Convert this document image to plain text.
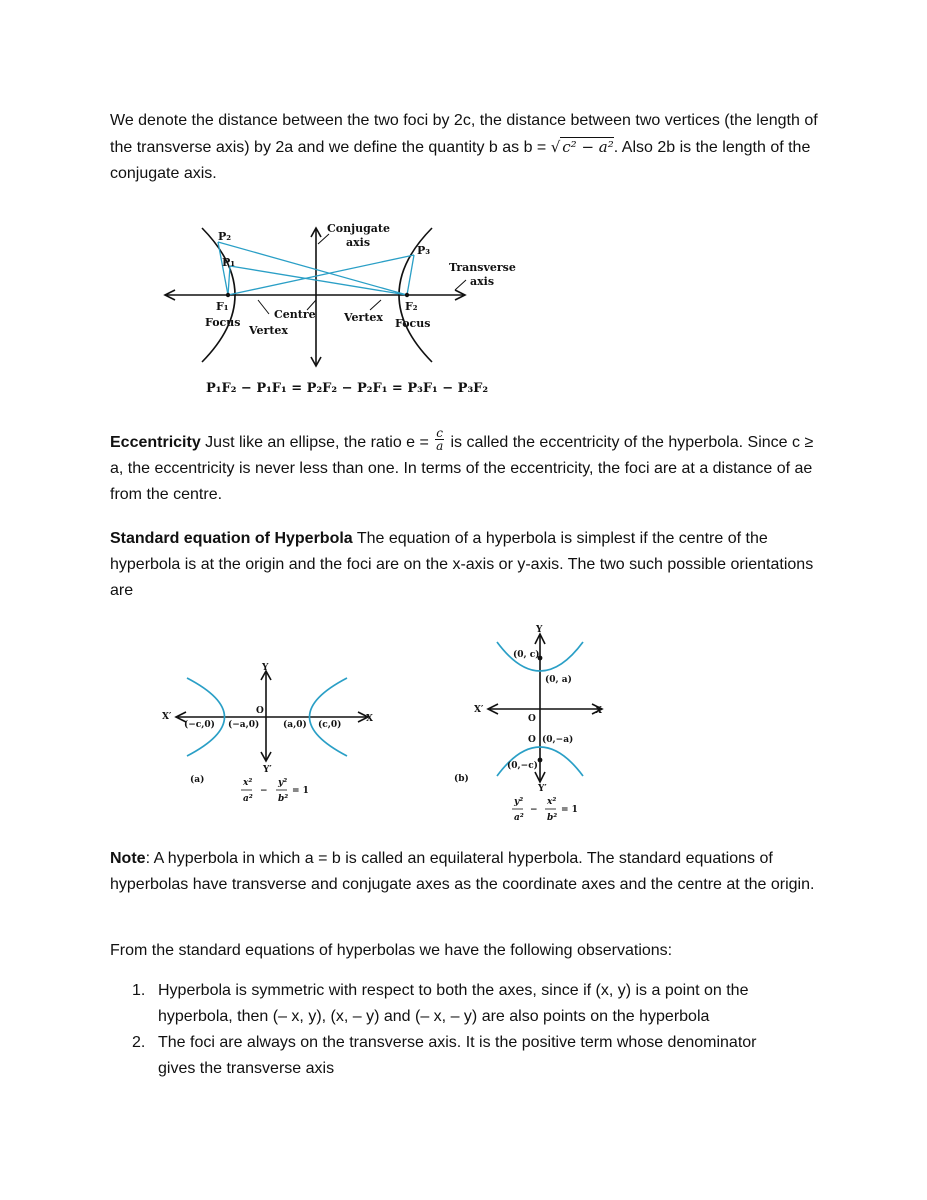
We denote the distance between the two foci by 2c, the distance between two vertices (the length of the transverse axis) by 2a and we define the quantity b as b = √ c² − a². Also 2b is the length of the conjugate axis.
P₂
P₁
P₃
F₁	F₂
Focus	Focus
Vertex
Vertex
Centre
Conjugate
axis
Transverse
axis
P₁F₂ − P₁F₁ = P₂F₂ − P₂F₁ = P₃F₁ − P₃F₂
Eccentricity Just like an ellipse, the ratio $e = \frac{c}{a}$ is called the eccentricity of the hyperbola. Since c ≥ a, the eccentricity is never less than one. In terms of the eccentricity, the foci are at a distance of ae from the centre.
Standard equation of Hyperbola The equation of a hyperbola is simplest if the centre of the hyperbola is at the origin and the foci are on the x-axis or y-axis. The two such possible orientations are
X′	X
Y
Y′
O
(−c,0) (−a,0)	(a,0) (c,0)
(a)	x²
a²
−
y²
b²
= 1
Y
X′	X
O
O
(0, c)
(0, a)
(0,−a)
(0,−c)
Y′
(b)
y²
a²
−
x²
b²
= 1
Note: A hyperbola in which a = b is called an equilateral hyperbola. The standard equations of hyperbolas have transverse and conjugate axes as the coordinate axes and the centre at the origin.
From the standard equations of hyperbolas we have the following observations:
1. Hyperbola is symmetric with respect to both the axes, since if (x, y) is a point on the hyperbola, then (– x, y), (x, – y) and (– x, – y) are also points on the hyperbola
2. The foci are always on the transverse axis. It is the positive term whose denominator gives the transverse axis
